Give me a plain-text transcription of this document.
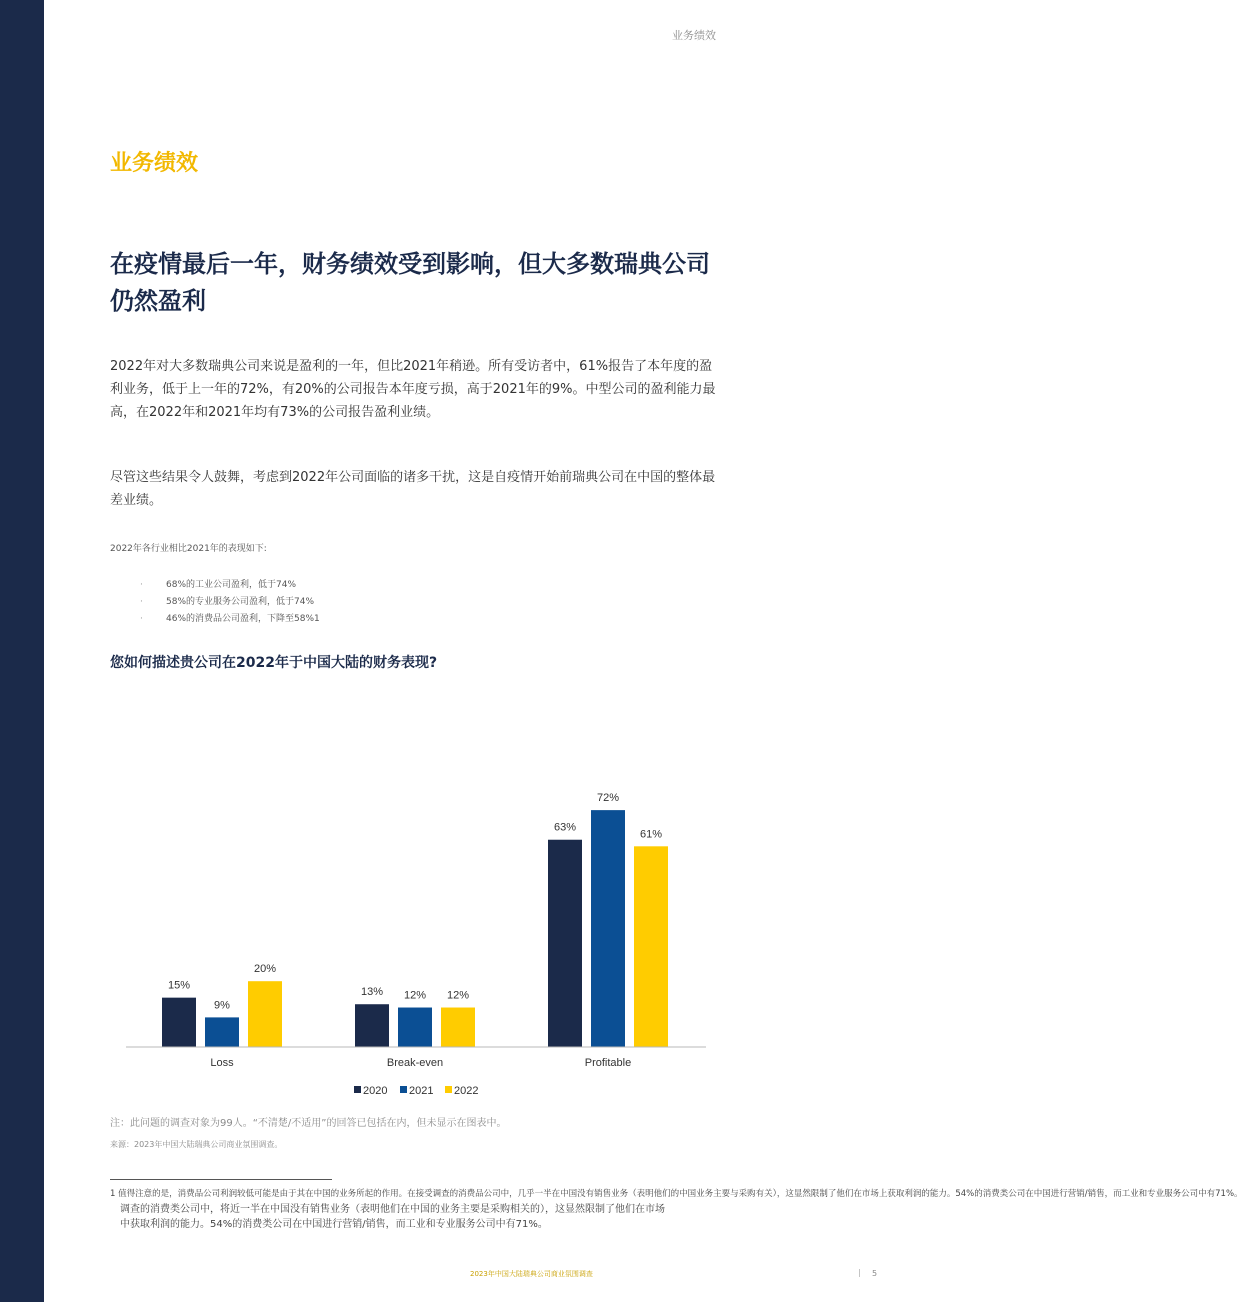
业务绩效
业务绩效
在疫情最后一年，财务绩效受到影响，但大多数瑞典公司仍然盈利

2022年对大多数瑞典公司来说是盈利的一年，但比2021年稍逊。所有受访者中，61%报告了本年度的盈利业务，低于上一年的72%，有20%的公司报告本年度亏损，高于2021年的9%。中型公司的盈利能力最高，在2022年和2021年均有73%的公司报告盈利业绩。

尽管这些结果令人鼓舞，考虑到2022年公司面临的诸多干扰，这是自疫情开始前瑞典公司在中国的整体最差业绩。

2022年各行业相比2021年的表现如下:

·	68%的工业公司盈利，低于74%
·	58%的专业服务公司盈利，低于74%
·	46%的消费品公司盈利，下降至58%1
您如何描述贵公司在2022年于中国大陆的财务表现?
15%
9%
20%
Loss
13% 12% 12%
Break-even
63%
72%
61%
Profitable
2020 2021 2022

注：此问题的调查对象为99人。“不清楚/不适用”的回答已包括在内，但未显示在图表中。

来源：2023年中国大陆瑞典公司商业氛围调查。

1 值得注意的是，消费品公司利润较低可能是由于其在中国的业务所起的作用。在接受调查的消费品公司中，几乎一半在中国没有销售业务（表明他们的中国业务主要与采购有关），这显然限制了他们在市场上获取利润的能力。54%的消费类公司在中国进行营销/销售，而工业和专业服务公司中有71%。
调查的消费类公司中，将近一半在中国没有销售业务（表明他们在中国的业务主要是采购相关的），这显然限制了他们在市场
中获取利润的能力。54%的消费类公司在中国进行营销/销售，而工业和专业服务公司中有71%。
2023年中国大陆瑞典公司商业氛围调查	| 5
